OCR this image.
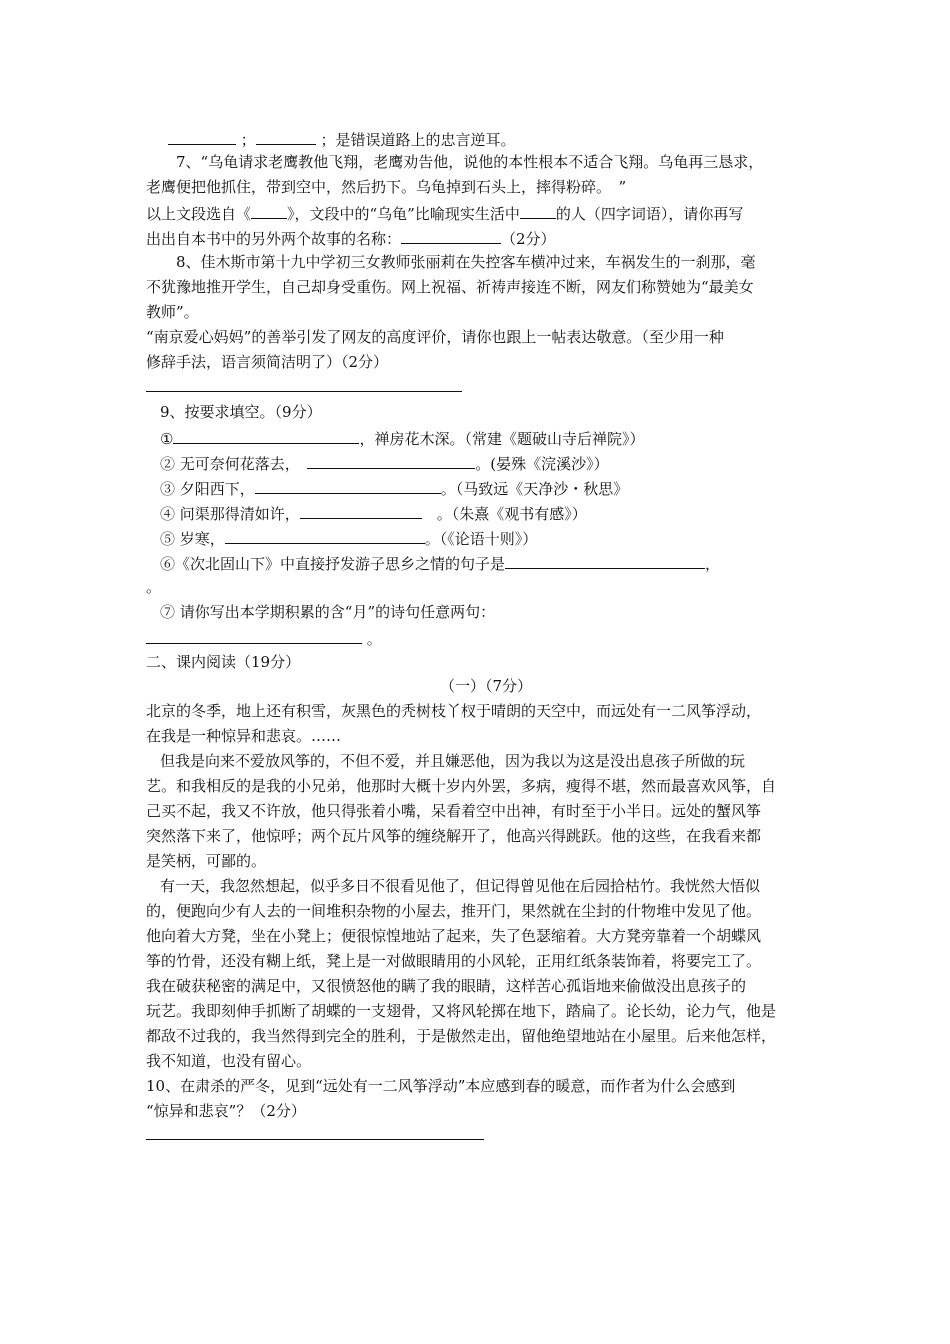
；	；是错误道路上的忠言逆耳。
7、“乌龟请求老鹰教他飞翔，老鹰劝告他，说他的本性根本不适合飞翔。乌龟再三恳求，
老鹰便把他抓住，带到空中，然后扔下。乌龟掉到石头上，摔得粉碎。　”
以上文段选自《 》，文段中的“乌龟”比喻现实生活中 的人（四字词语），请你再写
出出自本书中的另外两个故事的名称：	（2分）
8、佳木斯市第十九中学初三女教师张丽莉在失控客车横冲过来，车祸发生的一刹那，毫
不犹豫地推开学生，自己却身受重伤。网上祝福、祈祷声接连不断，网友们称赞她为“最美女
教师”。
“南京爱心妈妈”的善举引发了网友的高度评价，请你也跟上一帖表达敬意。（至少用一种
修辞手法，语言须简洁明了）（2分）
9、按要求填空。（9分）
①	，禅房花木深。（常建《题破山寺后禅院》）
② 无可奈何花落去，　	。(晏殊《浣溪沙》）
③ 夕阳西下，	。（马致远《天净沙・秋思》
④ 问渠那得清如许，	　。（朱熹《观书有感》）
⑤ 岁寒，	。（《论语十则》）
⑥《次北固山下》中直接抒发游子思乡之情的句子是	，
。
⑦ 请你写出本学期积累的含“月”的诗句任意两句：
。
二、课内阅读（19分）
（一）（7分）
北京的冬季，地上还有积雪，灰黑色的秃树枝丫杈于晴朗的天空中，而远处有一二风筝浮动，
在我是一种惊异和悲哀。……
但我是向来不爱放风筝的，不但不爱，并且嫌恶他，因为我以为这是没出息孩子所做的玩
艺。和我相反的是我的小兄弟，他那时大概十岁内外罢，多病，瘦得不堪，然而最喜欢风筝，自
己买不起，我又不许放，他只得张着小嘴，呆看着空中出神，有时至于小半日。远处的蟹风筝
突然落下来了，他惊呼；两个瓦片风筝的缠绕解开了，他高兴得跳跃。他的这些，在我看来都
是笑柄，可鄙的。
有一天，我忽然想起，似乎多日不很看见他了，但记得曾见他在后园拾枯竹。我恍然大悟似
的，便跑向少有人去的一间堆积杂物的小屋去，推开门，果然就在尘封的什物堆中发见了他。
他向着大方凳，坐在小凳上；便很惊惶地站了起来，失了色瑟缩着。大方凳旁靠着一个胡蝶风
筝的竹骨，还没有糊上纸，凳上是一对做眼睛用的小风轮，正用红纸条装饰着，将要完工了。
我在破获秘密的满足中，又很愤怒他的瞒了我的眼睛，这样苦心孤诣地来偷做没出息孩子的
玩艺。我即刻伸手抓断了胡蝶的一支翅骨，又将风轮掷在地下，踏扁了。论长幼，论力气，他是
都敌不过我的，我当然得到完全的胜利，于是傲然走出，留他绝望地站在小屋里。后来他怎样，
我不知道，也没有留心。
10、在肃杀的严冬，见到“远处有一二风筝浮动”本应感到春的暖意，而作者为什么会感到
“惊异和悲哀”？（2分）
